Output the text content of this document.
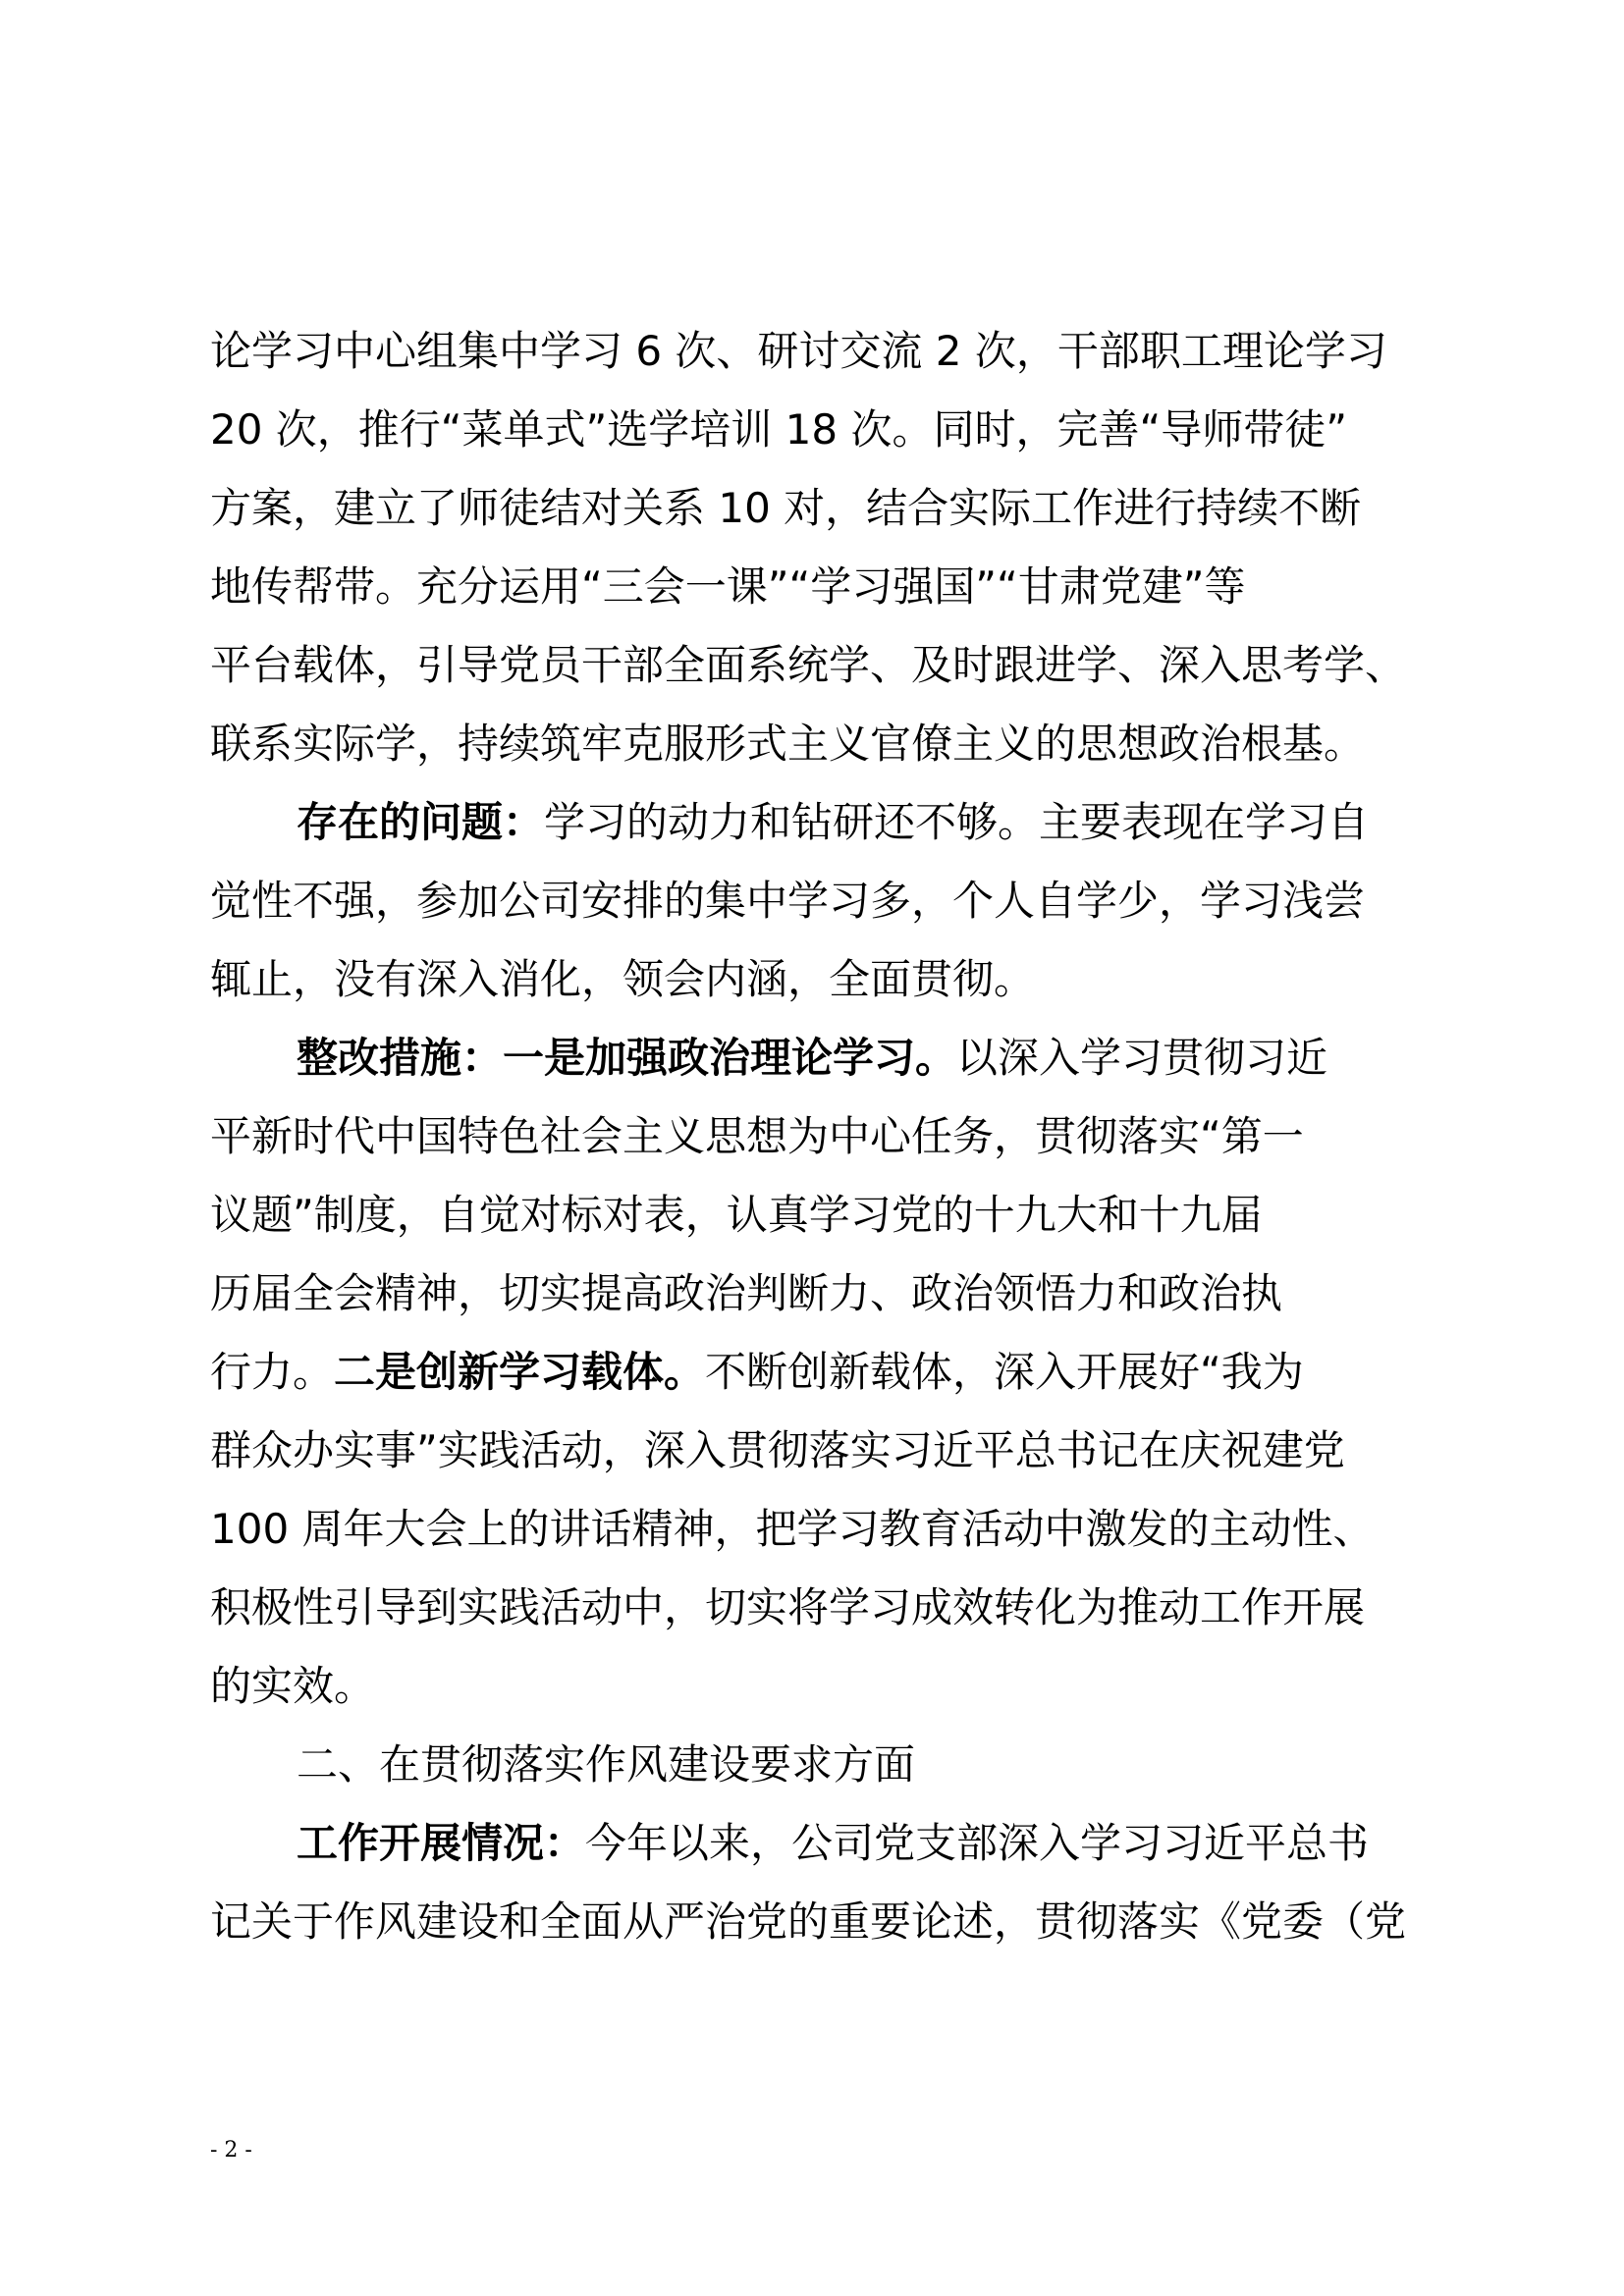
论学习中心组集中学习 6 次、研讨交流 2 次，干部职工理论学习
20 次，推行“菜单式”选学培训 18 次。同时，完善“导师带徒”
方案，建立了师徒结对关系 10 对，结合实际工作进行持续不断
地传帮带。充分运用“三会一课”“学习强国”“甘肃党建”等
平台载体，引导党员干部全面系统学、及时跟进学、深入思考学、
联系实际学，持续筑牢克服形式主义官僚主义的思想政治根基。
存在的问题：学习的动力和钻研还不够。主要表现在学习自
觉性不强，参加公司安排的集中学习多，个人自学少，学习浅尝
辄止，没有深入消化，领会内涵，全面贯彻。
整改措施：一是加强政治理论学习。以深入学习贯彻习近
平新时代中国特色社会主义思想为中心任务，贯彻落实“第一
议题”制度，自觉对标对表，认真学习党的十九大和十九届
历届全会精神，切实提高政治判断力、政治领悟力和政治执
行力。二是创新学习载体。不断创新载体，深入开展好“我为
群众办实事”实践活动，深入贯彻落实习近平总书记在庆祝建党
100 周年大会上的讲话精神，把学习教育活动中激发的主动性、
积极性引导到实践活动中，切实将学习成效转化为推动工作开展
的实效。
二、在贯彻落实作风建设要求方面
工作开展情况：今年以来，公司党支部深入学习习近平总书
记关于作风建设和全面从严治党的重要论述，贯彻落实《党委（党
- 2 -
